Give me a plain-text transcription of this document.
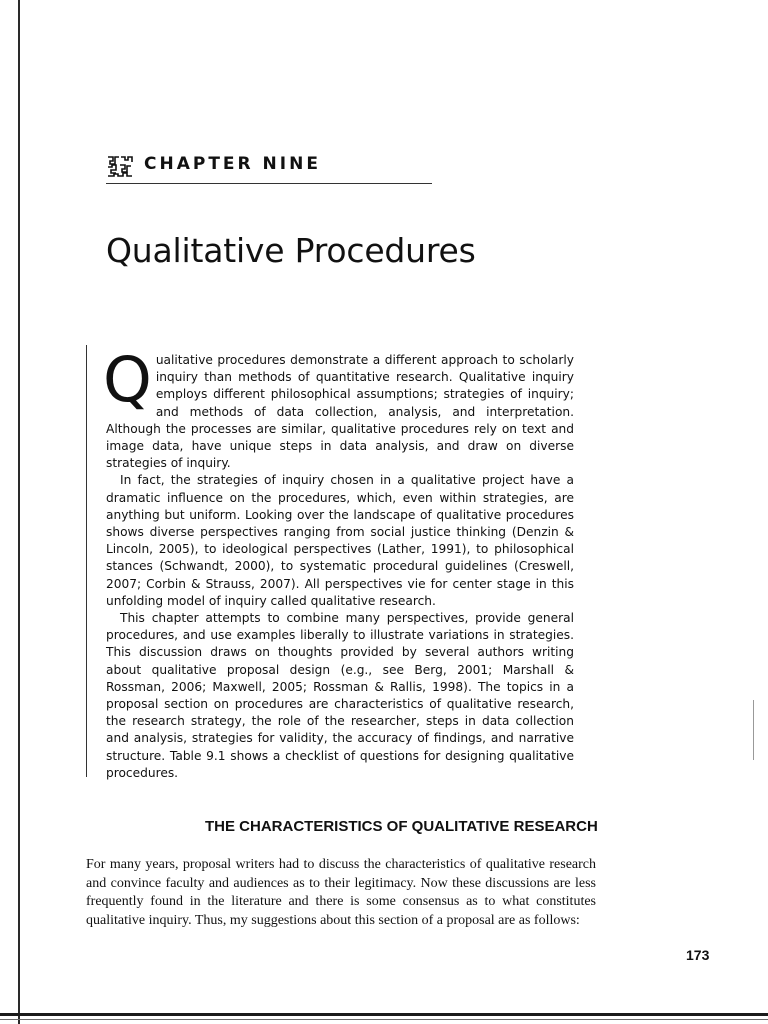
CHAPTER NINE
Qualitative Procedures

Qualitative procedures demonstrate a different approach to scholarly inquiry than methods of quantitative research. Qualitative inquiry employs different philosophical assumptions; strategies of inquiry; and methods of data collection, analysis, and interpretation. Although the processes are similar, qualitative procedures rely on text and image data, have unique steps in data analysis, and draw on diverse strategies of inquiry.

In fact, the strategies of inquiry chosen in a qualitative project have a dramatic influence on the procedures, which, even within strategies, are anything but uniform. Looking over the landscape of qualitative procedures shows diverse perspectives ranging from social justice thinking (Denzin & Lincoln, 2005), to ideological perspectives (Lather, 1991), to philosophical stances (Schwandt, 2000), to systematic procedural guidelines (Creswell, 2007; Corbin & Strauss, 2007). All perspectives vie for center stage in this unfolding model of inquiry called qualitative research.

This chapter attempts to combine many perspectives, provide general procedures, and use examples liberally to illustrate variations in strategies. This discussion draws on thoughts provided by several authors writing about qualitative proposal design (e.g., see Berg, 2001; Marshall & Rossman, 2006; Maxwell, 2005; Rossman & Rallis, 1998). The topics in a proposal section on procedures are characteristics of qualitative research, the research strategy, the role of the researcher, steps in data collection and analysis, strategies for validity, the accuracy of findings, and narrative structure. Table 9.1 shows a checklist of questions for designing qualitative procedures.

THE CHARACTERISTICS OF QUALITATIVE RESEARCH

For many years, proposal writers had to discuss the characteristics of qualitative research and convince faculty and audiences as to their legitimacy. Now these discussions are less frequently found in the literature and there is some consensus as to what constitutes qualitative inquiry. Thus, my suggestions about this section of a proposal are as follows:

173
